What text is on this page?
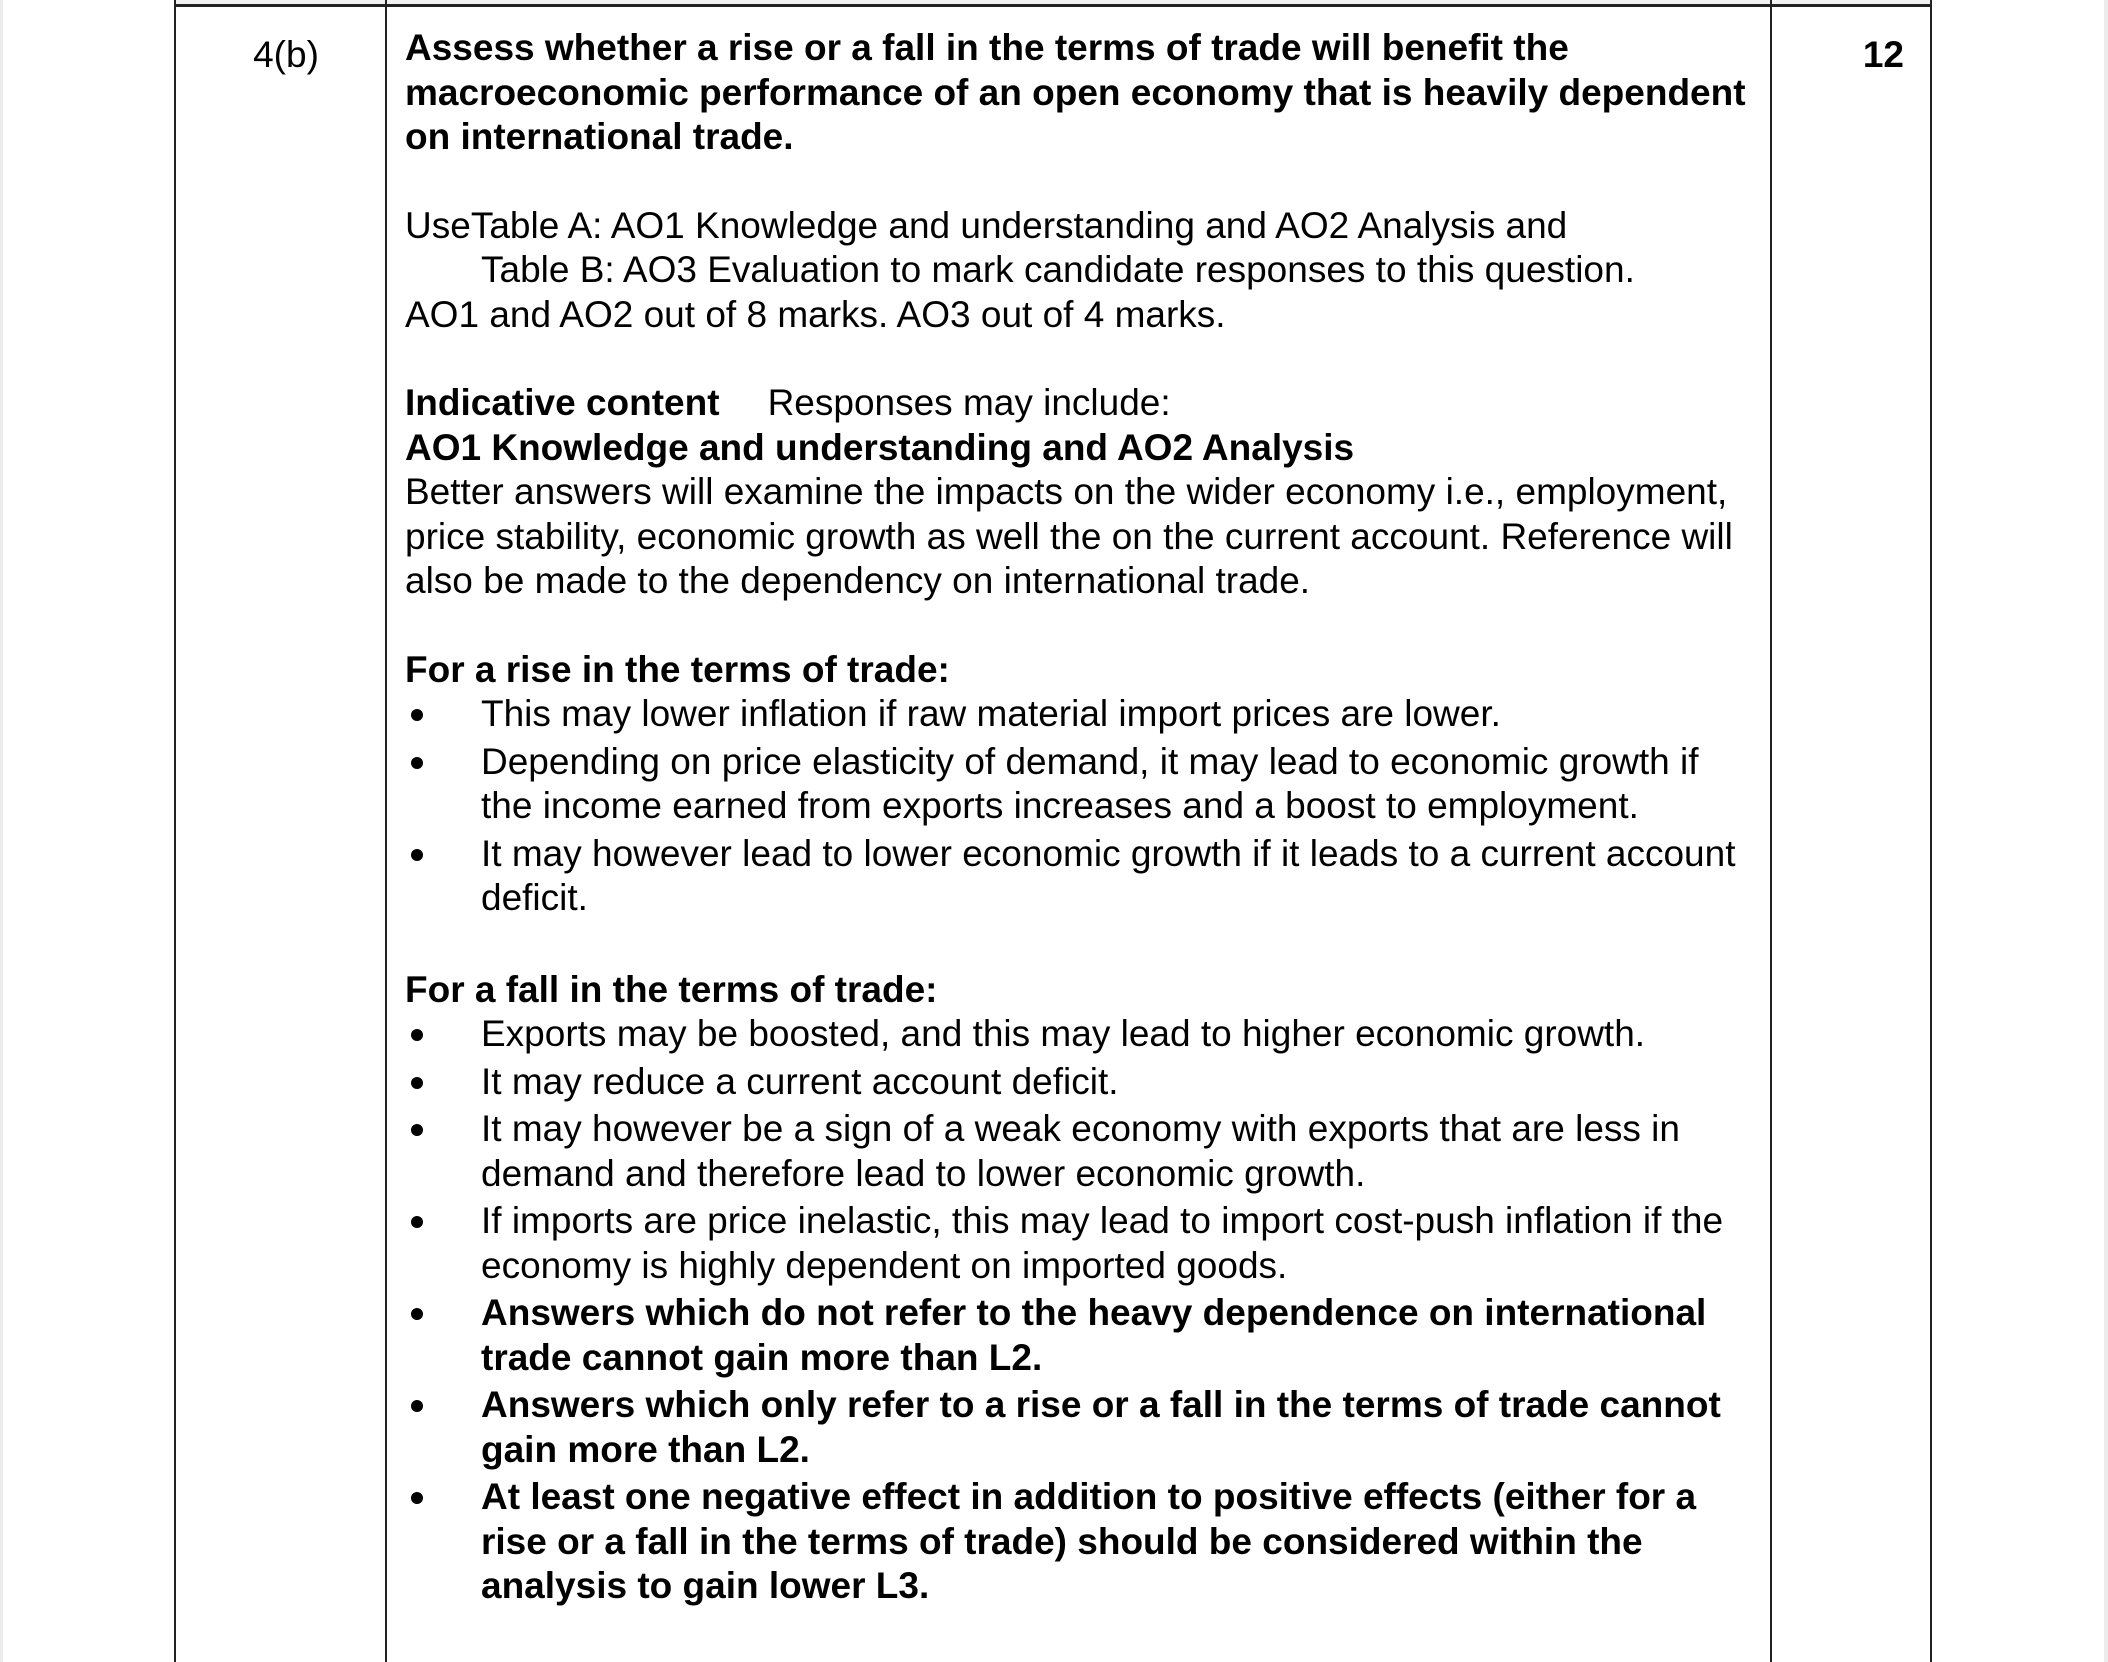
4(b)	12

Assess whether a rise or a fall in the terms of trade will benefit the macroeconomic performance of an open economy that is heavily dependent on international trade.

UseTable A: AO1 Knowledge and understanding and AO2 Analysis and

Table B: AO3 Evaluation to mark candidate responses to this question.

AO1 and AO2 out of 8 marks. AO3 out of 4 marks.

Indicative content Responses may include:

AO1 Knowledge and understanding and AO2 Analysis

Better answers will examine the impacts on the wider economy i.e., employment, price stability, economic growth as well the on the current account. Reference will also be made to the dependency on international trade.

For a rise in the terms of trade:

This may lower inflation if raw material import prices are lower.
Depending on price elasticity of demand, it may lead to economic growth if the income earned from exports increases and a boost to employment.
It may however lead to lower economic growth if it leads to a current account deficit.

For a fall in the terms of trade:

Exports may be boosted, and this may lead to higher economic growth.
It may reduce a current account deficit.
It may however be a sign of a weak economy with exports that are less in demand and therefore lead to lower economic growth.
If imports are price inelastic, this may lead to import cost-push inflation if the economy is highly dependent on imported goods.
Answers which do not refer to the heavy dependence on international trade cannot gain more than L2.
Answers which only refer to a rise or a fall in the terms of trade cannot gain more than L2.
At least one negative effect in addition to positive effects (either for a rise or a fall in the terms of trade) should be considered within the analysis to gain lower L3.
